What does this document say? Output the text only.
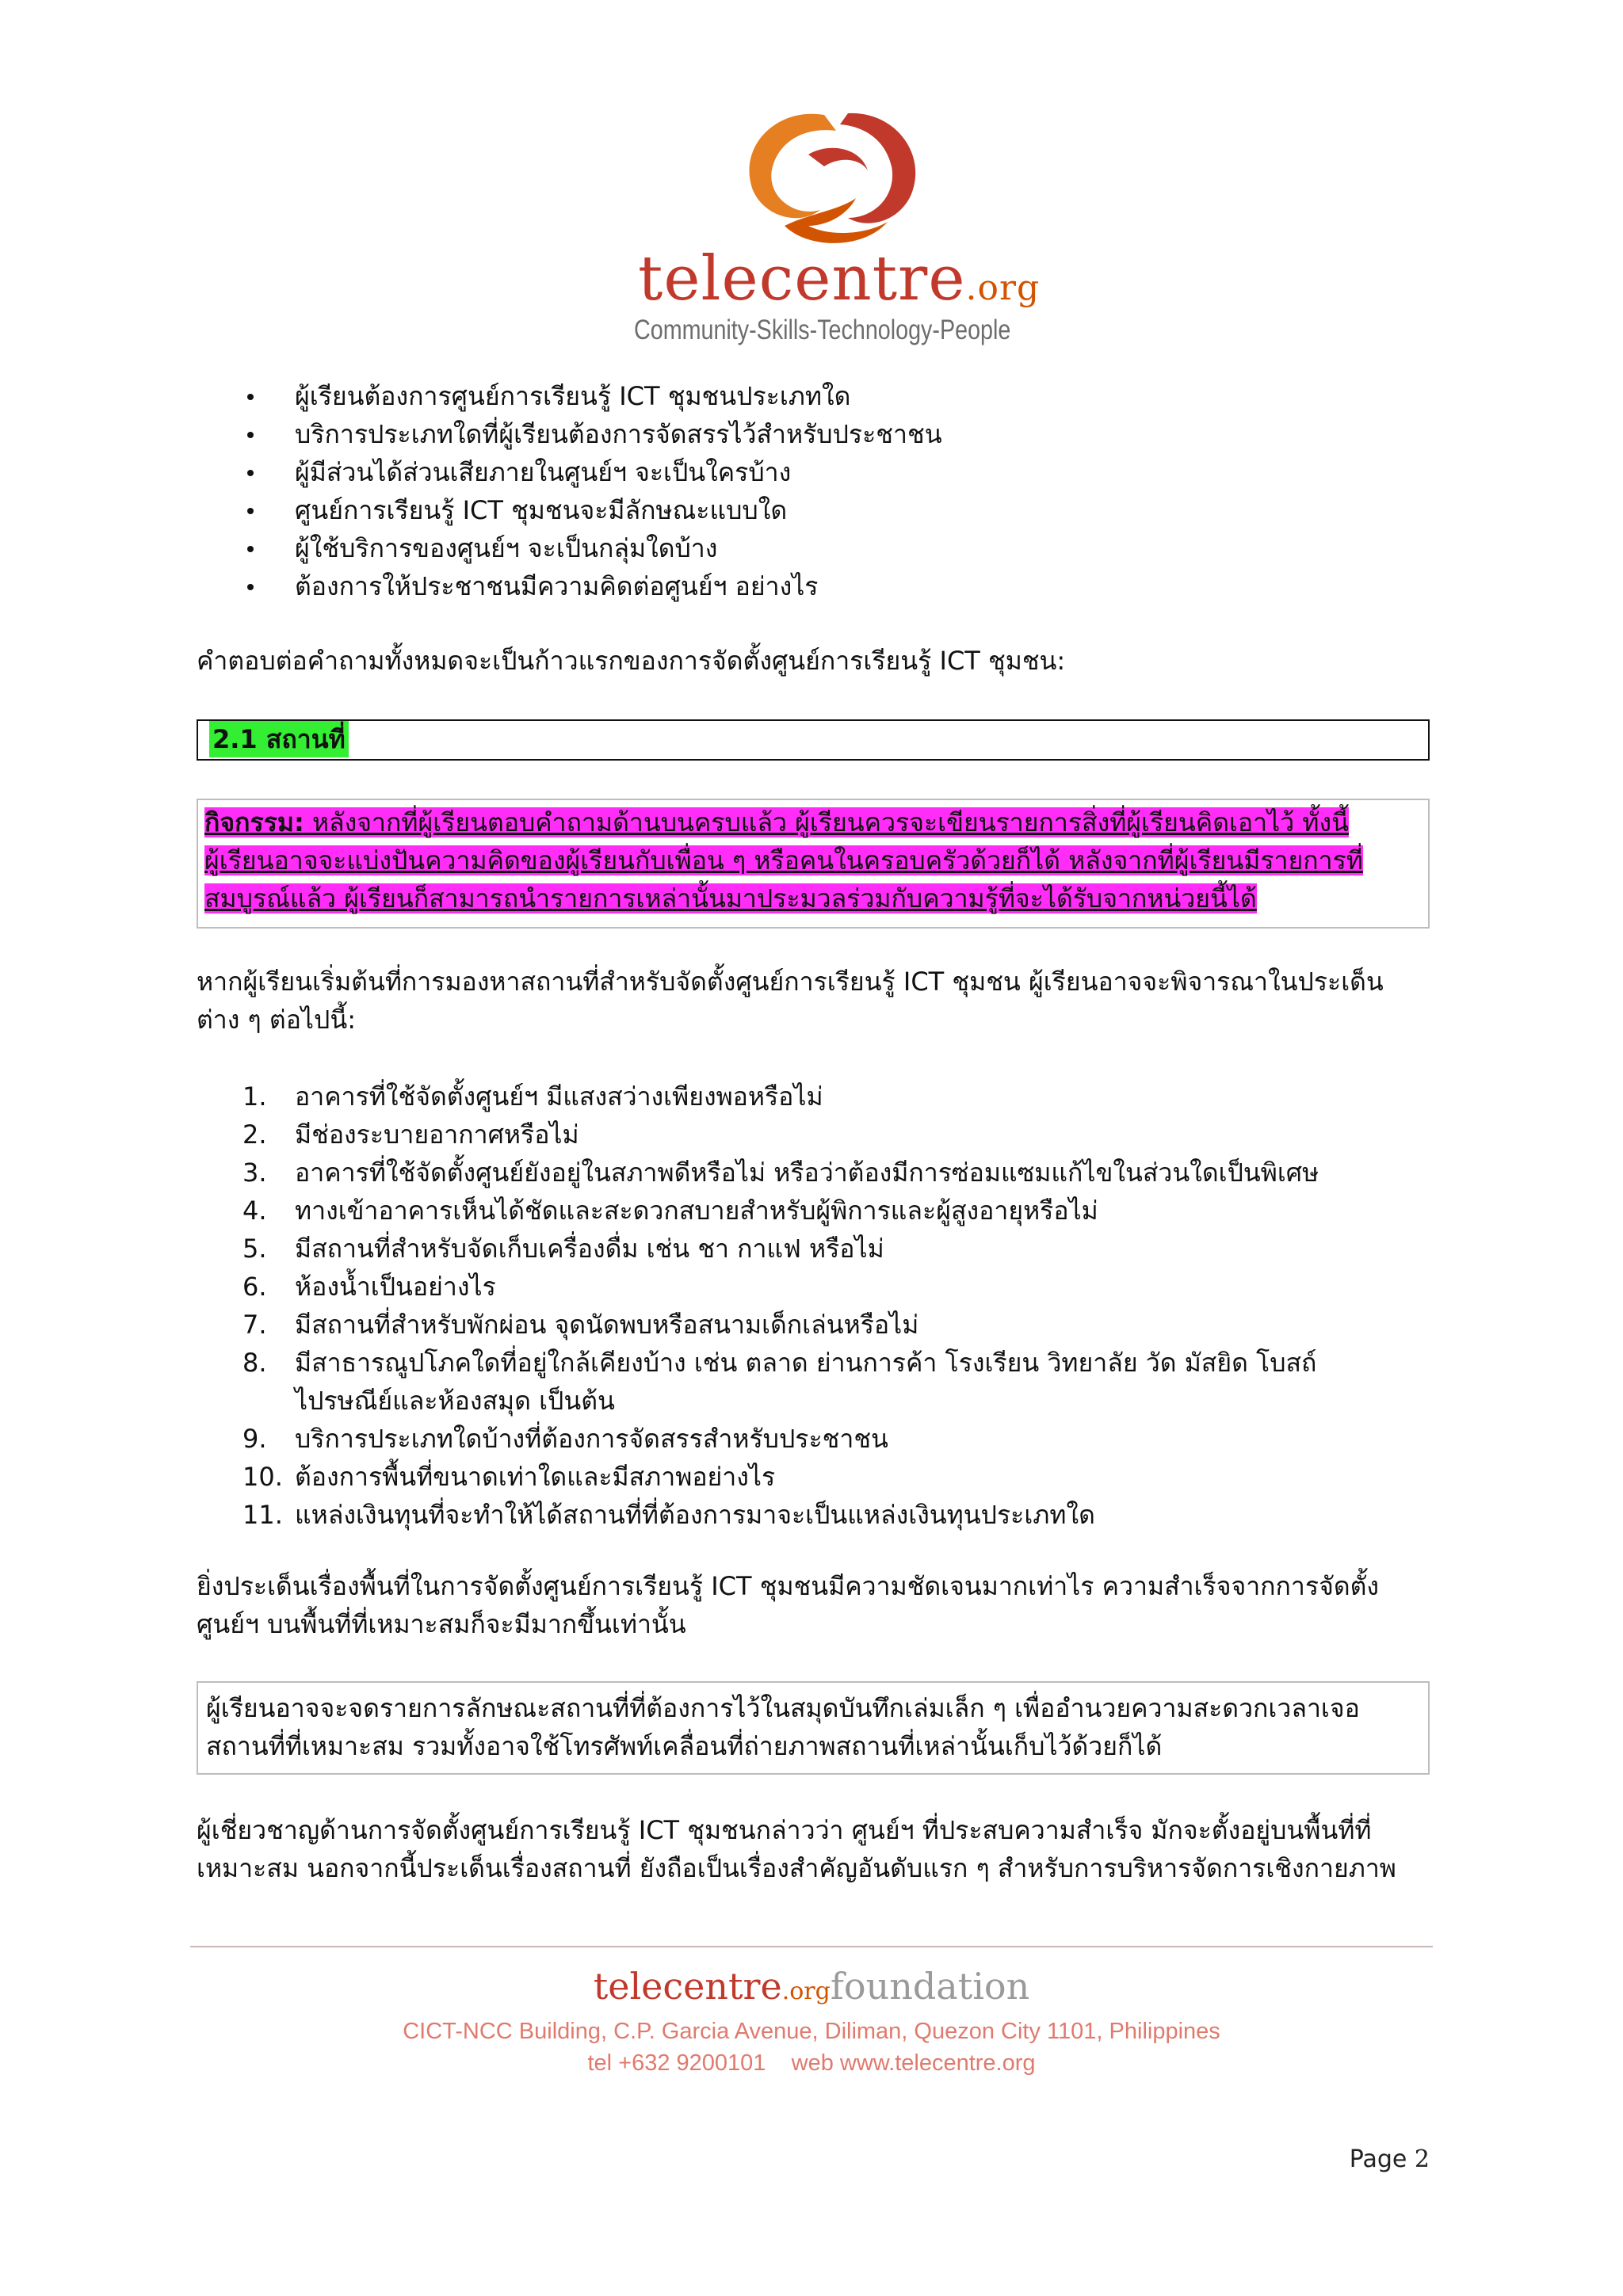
telecentre.org
Community-Skills-Technology-People
ผู้เรียนต้องการศูนย์การเรียนรู้ ICT ชุมชนประเภทใด
บริการประเภทใดที่ผู้เรียนต้องการจัดสรรไว้สำหรับประชาชน
ผู้มีส่วนได้ส่วนเสียภายในศูนย์ฯ จะเป็นใครบ้าง
ศูนย์การเรียนรู้ ICT ชุมชนจะมีลักษณะแบบใด
ผู้ใช้บริการของศูนย์ฯ จะเป็นกลุ่มใดบ้าง
ต้องการให้ประชาชนมีความคิดต่อศูนย์ฯ อย่างไร
คำตอบต่อคำถามทั้งหมดจะเป็นก้าวแรกของการจัดตั้งศูนย์การเรียนรู้ ICT ชุมชน:
2.1 สถานที่
กิจกรรม: หลังจากที่ผู้เรียนตอบคำถามด้านบนครบแล้ว ผู้เรียนควรจะเขียนรายการสิ่งที่ผู้เรียนคิดเอาไว้ ทั้งนี้
ผู้เรียนอาจจะแบ่งปันความคิดของผู้เรียนกับเพื่อน ๆ หรือคนในครอบครัวด้วยก็ได้ หลังจากที่ผู้เรียนมีรายการที่
สมบูรณ์แล้ว ผู้เรียนก็สามารถนำรายการเหล่านั้นมาประมวลร่วมกับความรู้ที่จะได้รับจากหน่วยนี้ได้
หากผู้เรียนเริ่มต้นที่การมองหาสถานที่สำหรับจัดตั้งศูนย์การเรียนรู้ ICT ชุมชน ผู้เรียนอาจจะพิจารณาในประเด็น
ต่าง ๆ ต่อไปนี้:
1. อาคารที่ใช้จัดตั้งศูนย์ฯ มีแสงสว่างเพียงพอหรือไม่
2. มีช่องระบายอากาศหรือไม่
3. อาคารที่ใช้จัดตั้งศูนย์ยังอยู่ในสภาพดีหรือไม่ หรือว่าต้องมีการซ่อมแซมแก้ไขในส่วนใดเป็นพิเศษ
4. ทางเข้าอาคารเห็นได้ชัดและสะดวกสบายสำหรับผู้พิการและผู้สูงอายุหรือไม่
5. มีสถานที่สำหรับจัดเก็บเครื่องดื่ม เช่น ชา กาแฟ หรือไม่
6. ห้องน้ำเป็นอย่างไร
7. มีสถานที่สำหรับพักผ่อน จุดนัดพบหรือสนามเด็กเล่นหรือไม่
8. มีสาธารณูปโภคใดที่อยู่ใกล้เคียงบ้าง เช่น ตลาด ย่านการค้า โรงเรียน วิทยาลัย วัด มัสยิด โบสถ์
ไปรษณีย์และห้องสมุด เป็นต้น
9. บริการประเภทใดบ้างที่ต้องการจัดสรรสำหรับประชาชน
10. ต้องการพื้นที่ขนาดเท่าใดและมีสภาพอย่างไร
11. แหล่งเงินทุนที่จะทำให้ได้สถานที่ที่ต้องการมาจะเป็นแหล่งเงินทุนประเภทใด
ยิ่งประเด็นเรื่องพื้นที่ในการจัดตั้งศูนย์การเรียนรู้ ICT ชุมชนมีความชัดเจนมากเท่าไร ความสำเร็จจากการจัดตั้ง
ศูนย์ฯ บนพื้นที่ที่เหมาะสมก็จะมีมากขึ้นเท่านั้น
ผู้เรียนอาจจะจดรายการลักษณะสถานที่ที่ต้องการไว้ในสมุดบันทึกเล่มเล็ก ๆ เพื่ออำนวยความสะดวกเวลาเจอ
สถานที่ที่เหมาะสม รวมทั้งอาจใช้โทรศัพท์เคลื่อนที่ถ่ายภาพสถานที่เหล่านั้นเก็บไว้ด้วยก็ได้
ผู้เชี่ยวชาญด้านการจัดตั้งศูนย์การเรียนรู้ ICT ชุมชนกล่าวว่า ศูนย์ฯ ที่ประสบความสำเร็จ มักจะตั้งอยู่บนพื้นที่ที่
เหมาะสม นอกจากนี้ประเด็นเรื่องสถานที่ ยังถือเป็นเรื่องสำคัญอันดับแรก ๆ สำหรับการบริหารจัดการเชิงกายภาพ
telecentre.orgfoundation
CICT-NCC Building, C.P. Garcia Avenue, Diliman, Quezon City 1101, Philippines
tel +632 9200101    web www.telecentre.org
Page 2
